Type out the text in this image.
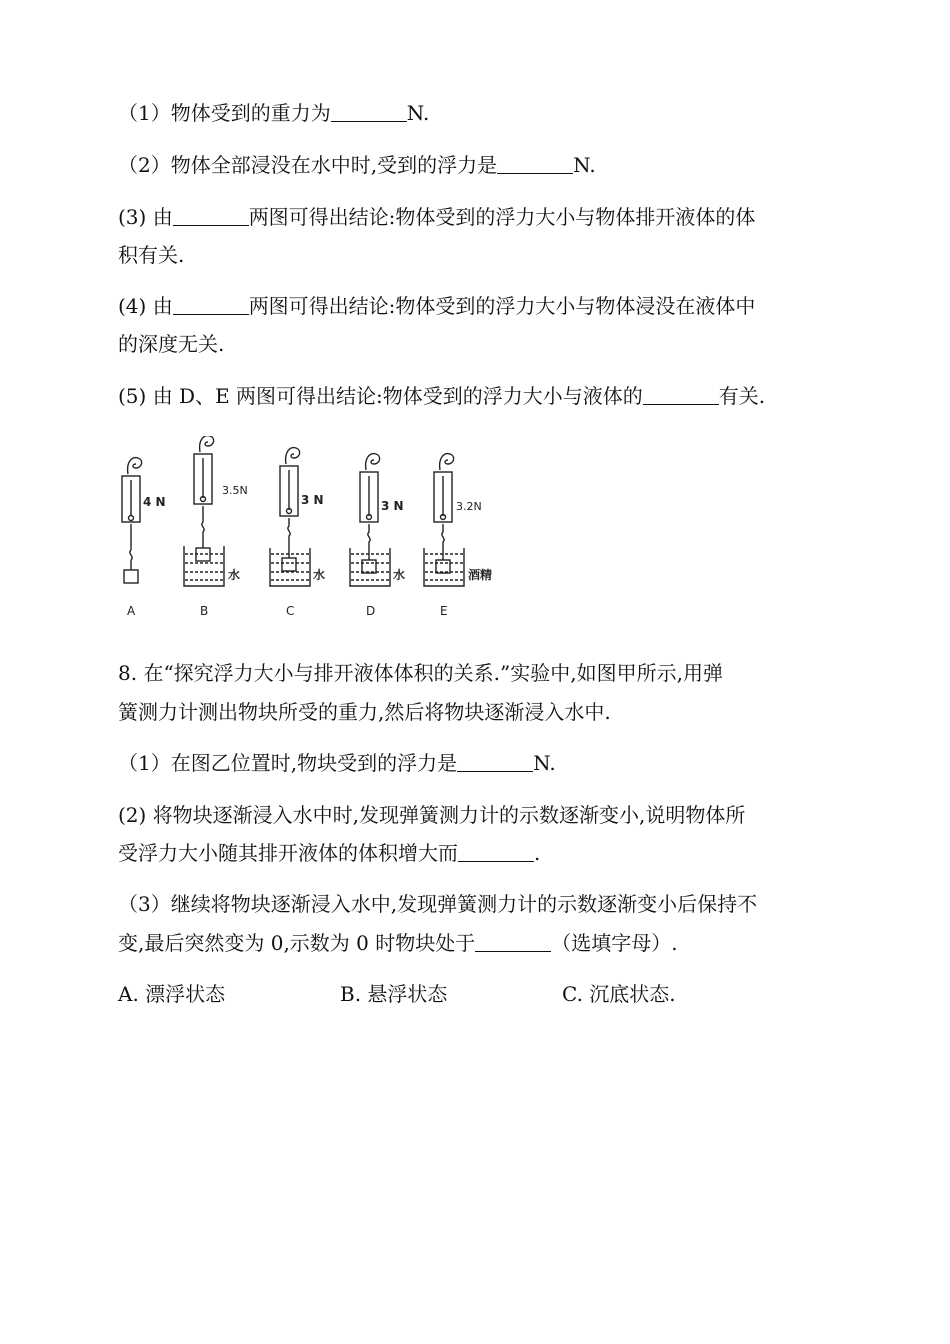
（1）物体受到的重力为	N.
（2）物体全部浸没在水中时,受到的浮力是	N.
(3) 由	两图可得出结论:物体受到的浮力大小与物体排开液体的体
积有关.
(4) 由	两图可得出结论:物体受到的浮力大小与物体浸没在液体中
的深度无关.
(5) 由 D、E 两图可得出结论:物体受到的浮力大小与液体的	有关.
4 N
3.5N
3 N	3 N	3.2N
水	水	水	酒精
A	B	C	D	E
8. 在“探究浮力大小与排开液体体积的关系.”实验中,如图甲所示,用弹
簧测力计测出物块所受的重力,然后将物块逐渐浸入水中.
（1）在图乙位置时,物块受到的浮力是	N.
(2) 将物块逐渐浸入水中时,发现弹簧测力计的示数逐渐变小,说明物体所
受浮力大小随其排开液体的体积增大而	.
（3）继续将物块逐渐浸入水中,发现弹簧测力计的示数逐渐变小后保持不
变,最后突然变为 0,示数为 0 时物块处于	（选填字母）.
A. 漂浮状态	B. 悬浮状态	C. 沉底状态.
